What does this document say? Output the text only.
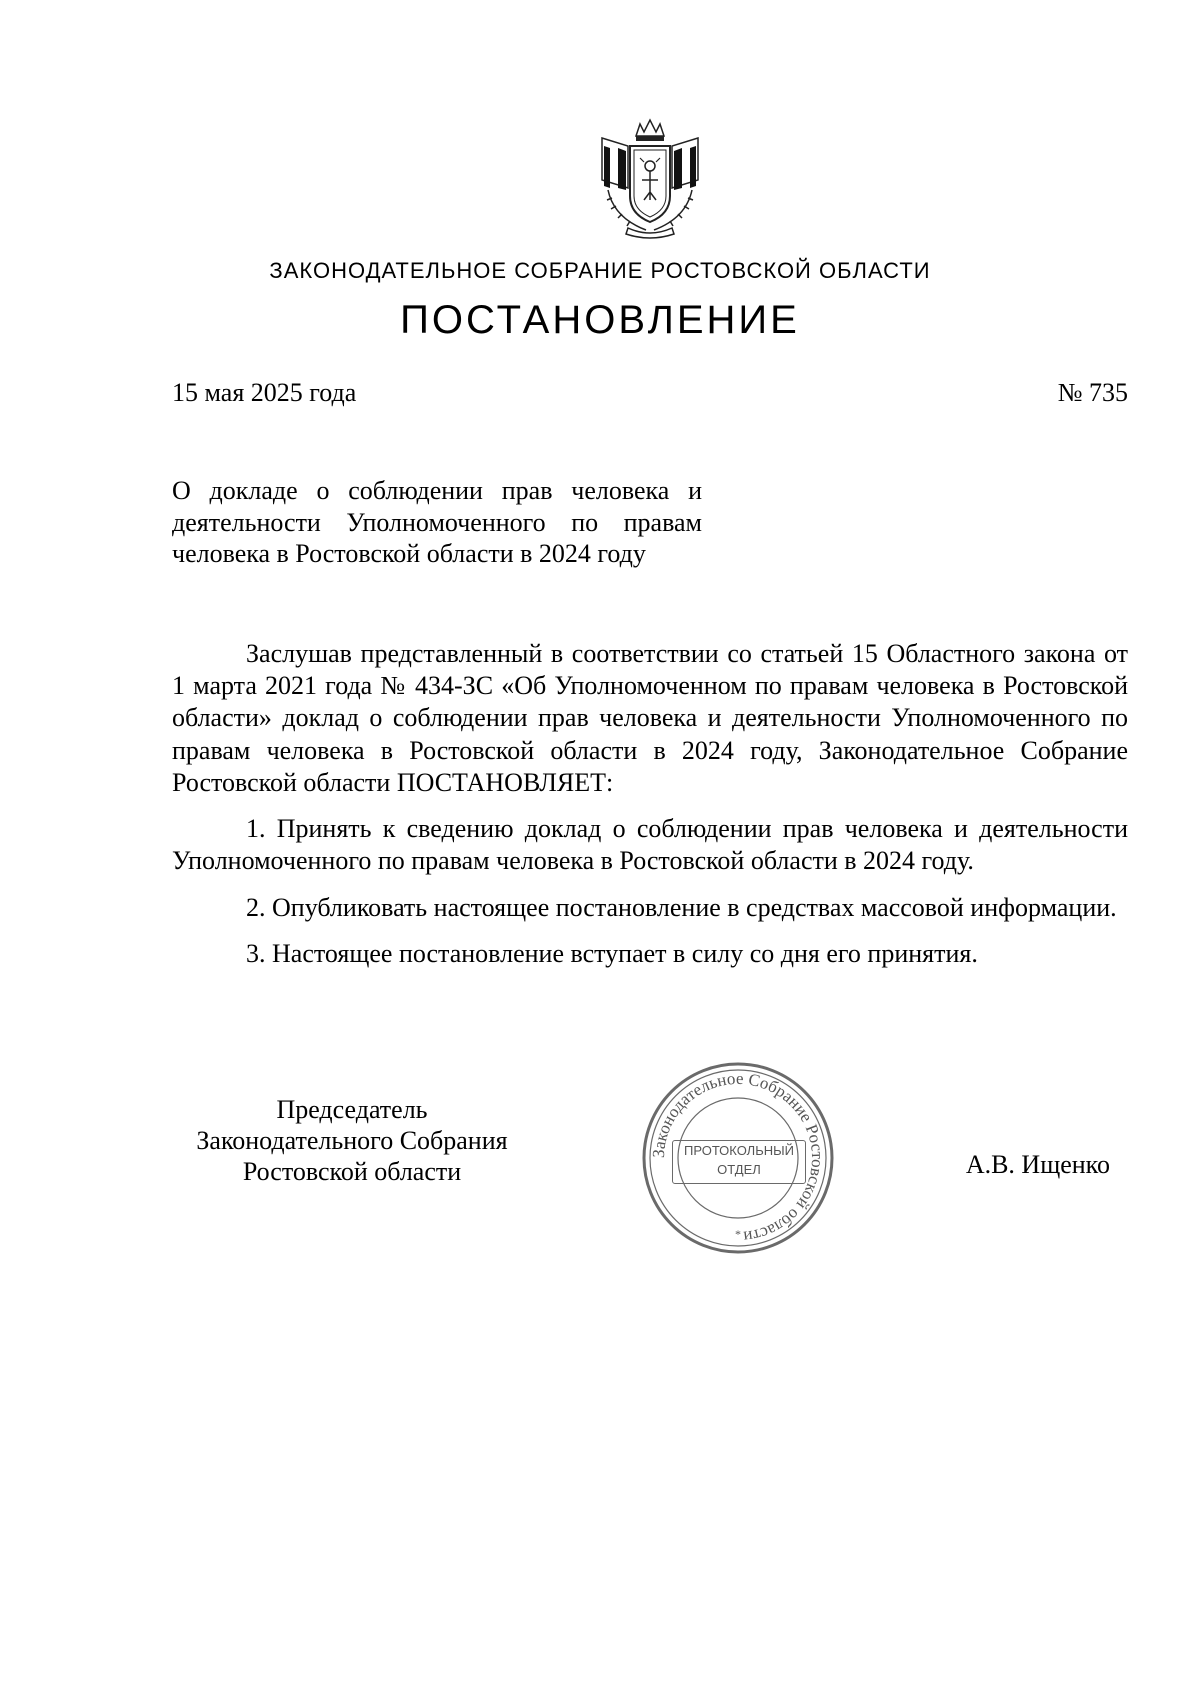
ЗАКОНОДАТЕЛЬНОЕ СОБРАНИЕ РОСТОВСКОЙ ОБЛАСТИ
ПОСТАНОВЛЕНИЕ
15 мая 2025 года	№ 735
О докладе о соблюдении прав человека и деятельности Уполномоченного по правам человека в Ростовской области в 2024 году

Заслушав представленный в соответствии со статьей 15 Областного закона от 1 марта 2021 года № 434-ЗС «Об Уполномоченном по правам человека в Ростовской области» доклад о соблюдении прав человека и деятельности Уполномоченного по правам человека в Ростовской области в 2024 году, Законодательное Собрание Ростовской области ПОСТАНОВЛЯЕТ:

1. Принять к сведению доклад о соблюдении прав человека и деятельности Уполномоченного по правам человека в Ростовской области в 2024 году.

2. Опубликовать настоящее постановление в средствах массовой информации.

3. Настоящее постановление вступает в силу со дня его принятия.

Председатель
Законодательного Собрания
Ростовской области
Законодательное Собрание Ростовской области
*
ПРОТОКОЛЬНЫЙ
ОТДЕЛ	А.В. Ищенко
